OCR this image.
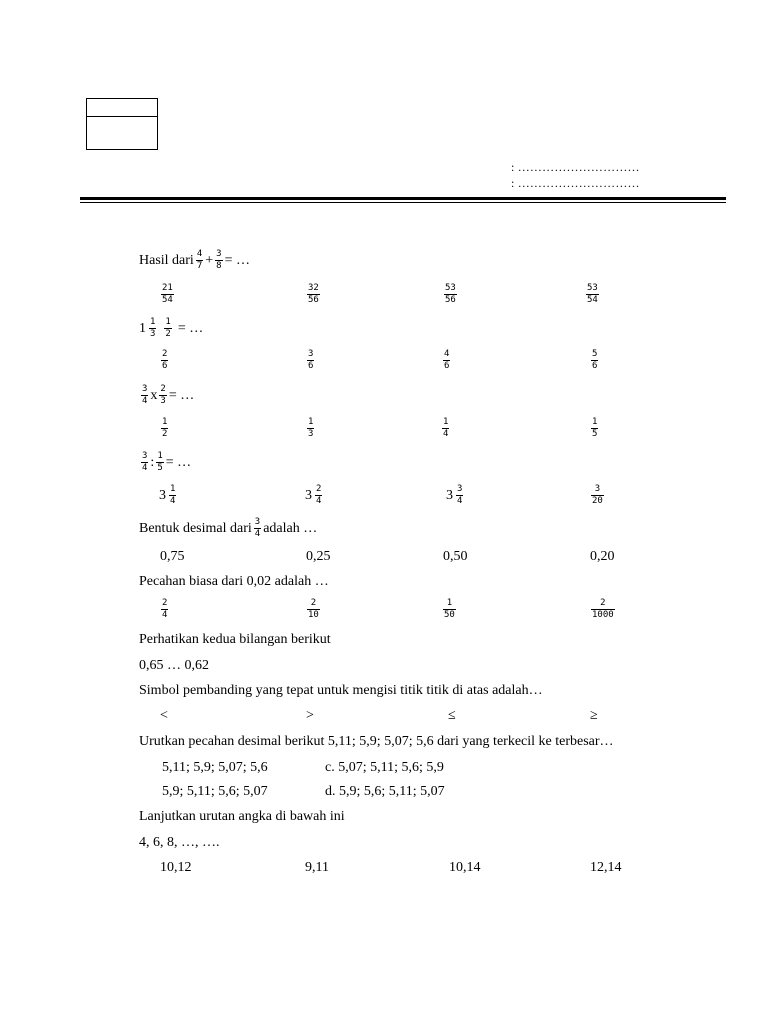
: …………………………
: …………………………
Hasil dari $\frac{4}{7} + \frac{3}{8}$ = …
$\frac{21}{54}$	$\frac{32}{56}$	$\frac{53}{56}$	$\frac{53}{54}$
$1 \frac{1}{3} \frac{1}{2}$ = …
$\frac{2}{6}$	$\frac{3}{6}$	$\frac{4}{6}$	$\frac{5}{6}$
$\frac{3}{4}$ x $\frac{2}{3}$ = …
$\frac{1}{2}$	$\frac{1}{3}$	$\frac{1}{4}$	$\frac{1}{5}$
$\frac{3}{4}$ : $\frac{1}{5}$ = …
$3 \frac{1}{4}$	$3 \frac{2}{4}$	$3 \frac{3}{4}$	$\frac{3}{20}$
Bentuk desimal dari $\frac{3}{4}$ adalah …
0,75	0,25	0,50	0,20
Pecahan biasa dari 0,02 adalah …
$\frac{2}{4}$	$\frac{2}{10}$	$\frac{1}{50}$	$\frac{2}{1000}$
Perhatikan kedua bilangan berikut
0,65 … 0,62
Simbol pembanding yang tepat untuk mengisi titik titik di atas adalah…
<	>	≤	≥
Urutkan pecahan desimal berikut 5,11; 5,9; 5,07; 5,6 dari yang terkecil ke terbesar…
5,11; 5,9; 5,07; 5,6	c. 5,07; 5,11; 5,6; 5,9
5,9; 5,11; 5,6; 5,07	d. 5,9; 5,6; 5,11; 5,07
Lanjutkan urutan angka di bawah ini
4, 6, 8, …, ….
10,12	9,11	10,14	12,14
